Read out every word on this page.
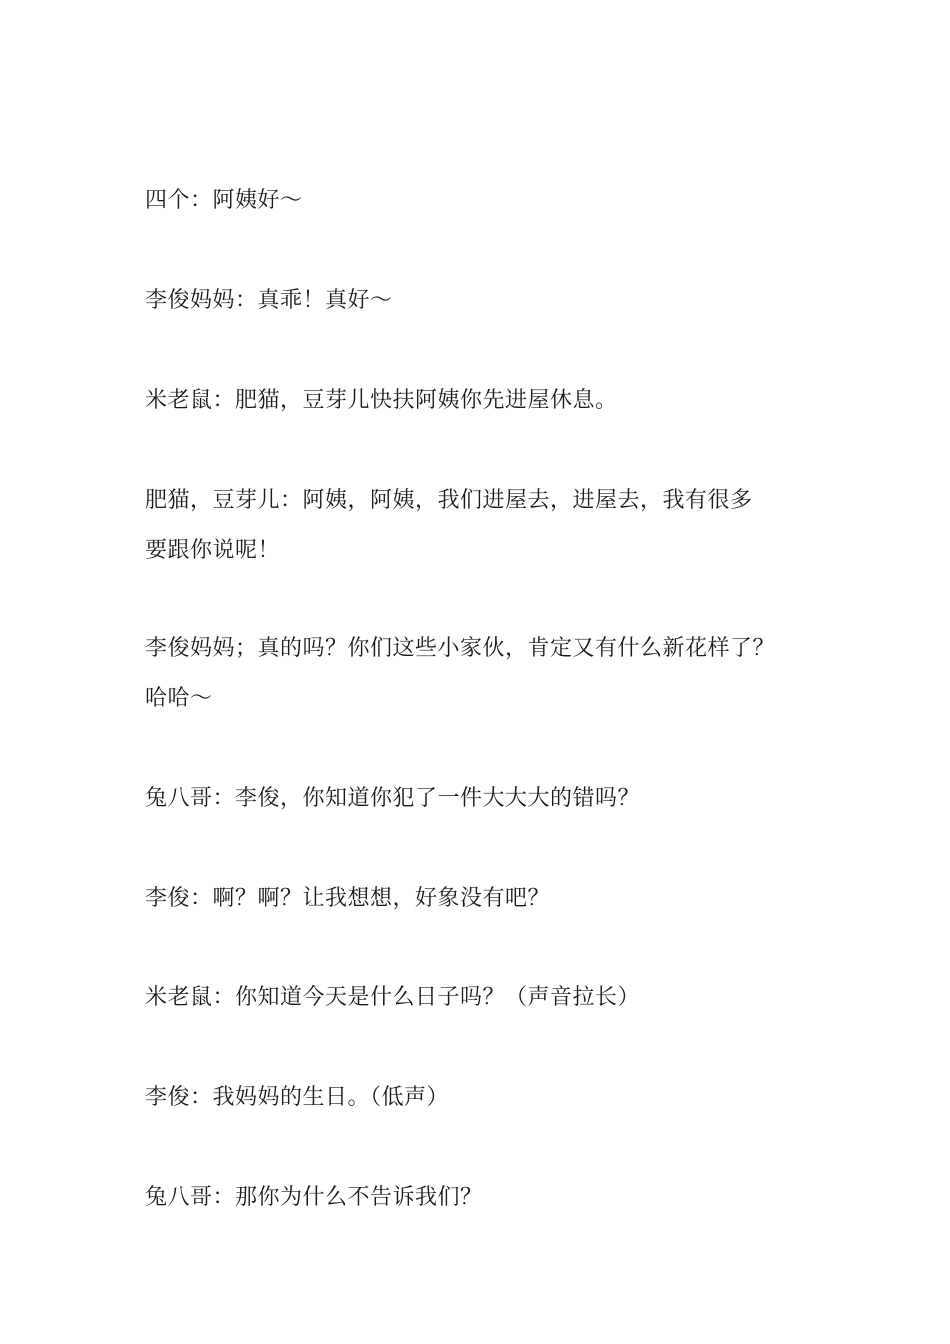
四个：阿姨好～
李俊妈妈：真乖！真好～
米老鼠：肥猫，豆芽儿快扶阿姨你先进屋休息。
肥猫，豆芽儿：阿姨，阿姨，我们进屋去，进屋去，我有很多
要跟你说呢！
李俊妈妈；真的吗？你们这些小家伙，肯定又有什么新花样了？
哈哈～
兔八哥：李俊，你知道你犯了一件大大大的错吗？
李俊：啊？啊？让我想想，好象没有吧？
米老鼠：你知道今天是什么日子吗？（声音拉长）
李俊：我妈妈的生日。（低声）
兔八哥：那你为什么不告诉我们？
